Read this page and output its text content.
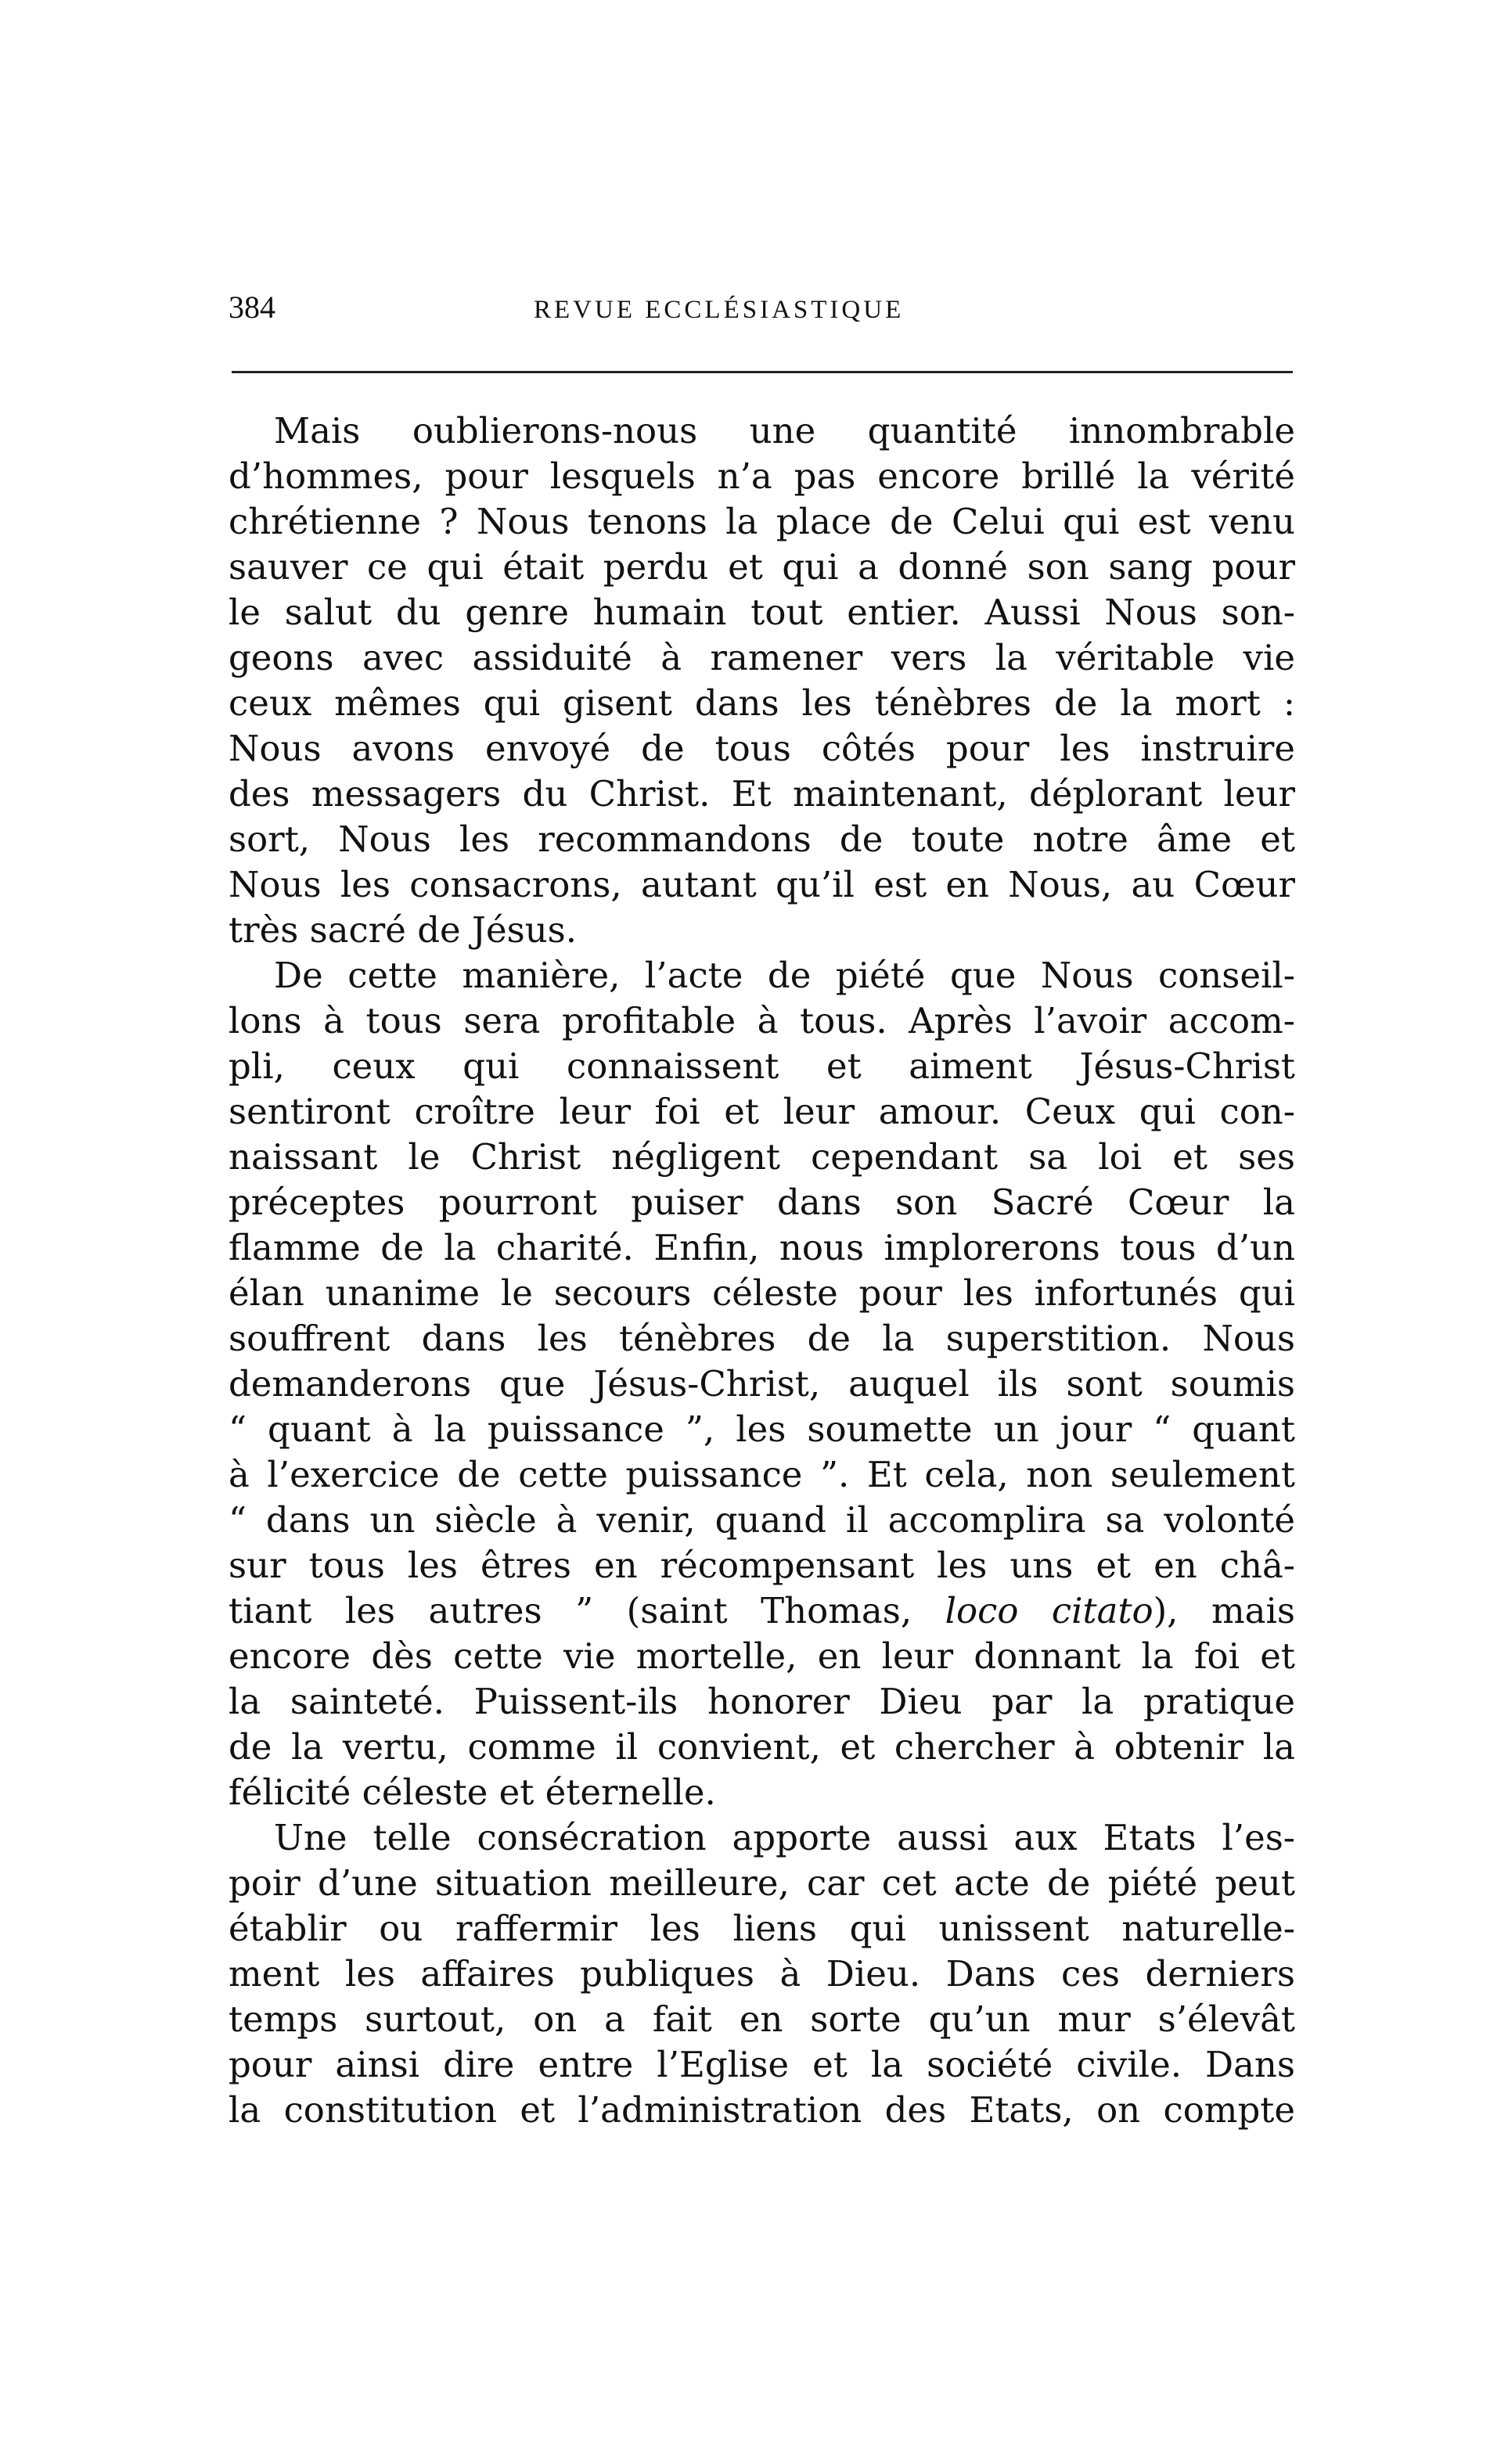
384	REVUE ECCLÉSIASTIQUE
Mais oublierons-nous une quantité innombrable
d’hommes, pour lesquels n’a pas encore brillé la vérité
chrétienne ? Nous tenons la place de Celui qui est venu
sauver ce qui était perdu et qui a donné son sang pour
le salut du genre humain tout entier. Aussi Nous son-
geons avec assiduité à ramener vers la véritable vie
ceux mêmes qui gisent dans les ténèbres de la mort :
Nous avons envoyé de tous côtés pour les instruire
des messagers du Christ. Et maintenant, déplorant leur
sort, Nous les recommandons de toute notre âme et
Nous les consacrons, autant qu’il est en Nous, au Cœur
très sacré de Jésus.
De cette manière, l’acte de piété que Nous conseil-
lons à tous sera profitable à tous. Après l’avoir accom-
pli, ceux qui connaissent et aiment Jésus-Christ
sentiront croître leur foi et leur amour. Ceux qui con-
naissant le Christ négligent cependant sa loi et ses
préceptes pourront puiser dans son Sacré Cœur la
flamme de la charité. Enfin, nous implorerons tous d’un
élan unanime le secours céleste pour les infortunés qui
souffrent dans les ténèbres de la superstition. Nous
demanderons que Jésus-Christ, auquel ils sont soumis
“ quant à la puissance ”, les soumette un jour “ quant
à l’exercice de cette puissance ”. Et cela, non seulement
“ dans un siècle à venir, quand il accomplira sa volonté
sur tous les êtres en récompensant les uns et en châ-
tiant les autres ” (saint Thomas, loco citato), mais
encore dès cette vie mortelle, en leur donnant la foi et
la sainteté. Puissent-ils honorer Dieu par la pratique
de la vertu, comme il convient, et chercher à obtenir la
félicité céleste et éternelle.
Une telle consécration apporte aussi aux Etats l’es-
poir d’une situation meilleure, car cet acte de piété peut
établir ou raffermir les liens qui unissent naturelle-
ment les affaires publiques à Dieu. Dans ces derniers
temps surtout, on a fait en sorte qu’un mur s’élevât
pour ainsi dire entre l’Eglise et la société civile. Dans
la constitution et l’administration des Etats, on compte
